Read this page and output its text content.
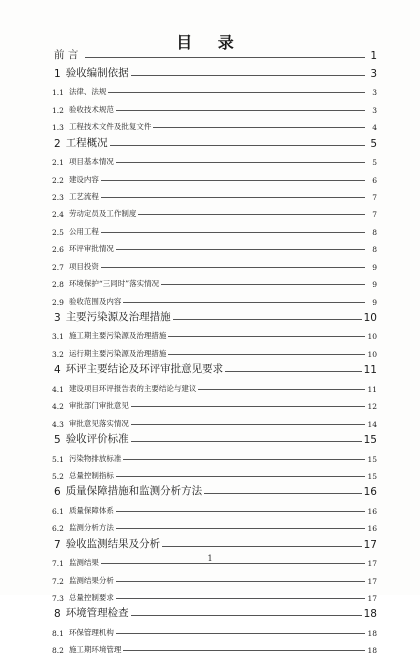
目 录
前 言	1
1 验收编制依据	3
1.1 法律、法规	3
1.2 验收技术规范	3
1.3 工程技术文件及批复文件	4
2 工程概况	5
2.1 项目基本情况	5
2.2 建设内容	6
2.3 工艺流程	7
2.4 劳动定员及工作制度	7
2.5 公用工程	8
2.6 环评审批情况	8
2.7 项目投资	9
2.8 环境保护“三同时”落实情况	9
2.9 验收范围及内容	9
3 主要污染源及治理措施	10
3.1 施工期主要污染源及治理措施	10
3.2 运行期主要污染源及治理措施	10
4 环评主要结论及环评审批意见要求	11
4.1 建设项目环评报告表的主要结论与建议	11
4.2 审批部门审批意见	12
4.3 审批意见落实情况	14
5 验收评价标准	15
5.1 污染物排放标准	15
5.2 总量控制指标	15
6 质量保障措施和监测分析方法	16
6.1 质量保障体系	16
6.2 监测分析方法	16
7 验收监测结果及分析	17
7.1 监测结果	17
7.2 监测结果分析	17
7.3 总量控制要求	17
8 环境管理检查	18
8.1 环保管理机构	18
8.2 施工期环境管理	18
1
